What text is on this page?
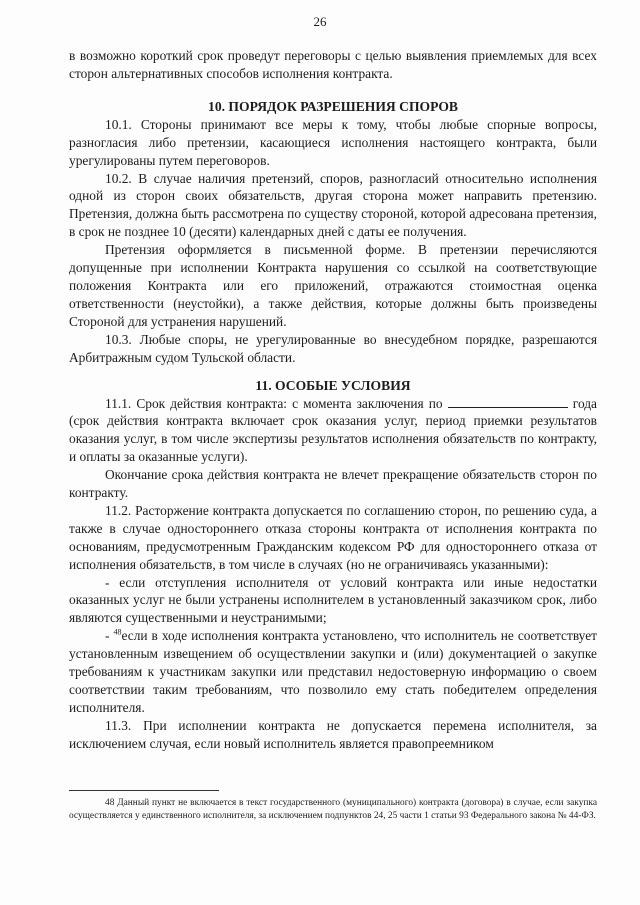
26

в возможно короткий срок проведут переговоры с целью выявления приемлемых для всех сторон альтернативных способов исполнения контракта.

10. ПОРЯДОК РАЗРЕШЕНИЯ СПОРОВ

10.1. Стороны принимают все меры к тому, чтобы любые спорные вопросы, разногласия либо претензии, касающиеся исполнения настоящего контракта, были урегулированы путем переговоров.

10.2. В случае наличия претензий, споров, разногласий относительно исполнения одной из сторон своих обязательств, другая сторона может направить претензию. Претензия, должна быть рассмотрена по существу стороной, которой адресована претензия, в срок не позднее 10 (десяти) календарных дней с даты ее получения.

Претензия оформляется в письменной форме. В претензии перечисляются допущенные при исполнении Контракта нарушения со ссылкой на соответствующие положения Контракта или его приложений, отражаются стоимостная оценка ответственности (неустойки), а также действия, которые должны быть произведены Стороной для устранения нарушений.

10.3. Любые споры, не урегулированные во внесудебном порядке, разрешаются Арбитражным судом Тульской области.

11. ОСОБЫЕ УСЛОВИЯ

11.1. Срок действия контракта: с момента заключения по	года (срок действия контракта включает срок оказания услуг, период приемки результатов оказания услуг, в том числе экспертизы результатов исполнения обязательств по контракту, и оплаты за оказанные услуги).

Окончание срока действия контракта не влечет прекращение обязательств сторон по контракту.

11.2. Расторжение контракта допускается по соглашению сторон, по решению суда, а также в случае одностороннего отказа стороны контракта от исполнения контракта по основаниям, предусмотренным Гражданским кодексом РФ для одностороннего отказа от исполнения обязательств, в том числе в случаях (но не ограничиваясь указанными):

- если отступления исполнителя от условий контракта или иные недостатки оказанных услуг не были устранены исполнителем в установленный заказчиком срок, либо являются существенными и неустранимыми;

- $^{48}$если в ходе исполнения контракта установлено, что исполнитель не соответствует установленным извещением об осуществлении закупки и (или) документацией о закупке требованиям к участникам закупки или представил недостоверную информацию о своем соответствии таким требованиям, что позволило ему стать победителем определения исполнителя.

11.3. При исполнении контракта не допускается перемена исполнителя, за исключением случая, если новый исполнитель является правопреемником

48 Данный пункт не включается в текст государственного (муниципального) контракта (договора) в случае, если закупка осуществляется у единственного исполнителя, за исключением подпунктов 24, 25 части 1 статьи 93 Федерального закона № 44-ФЗ.
